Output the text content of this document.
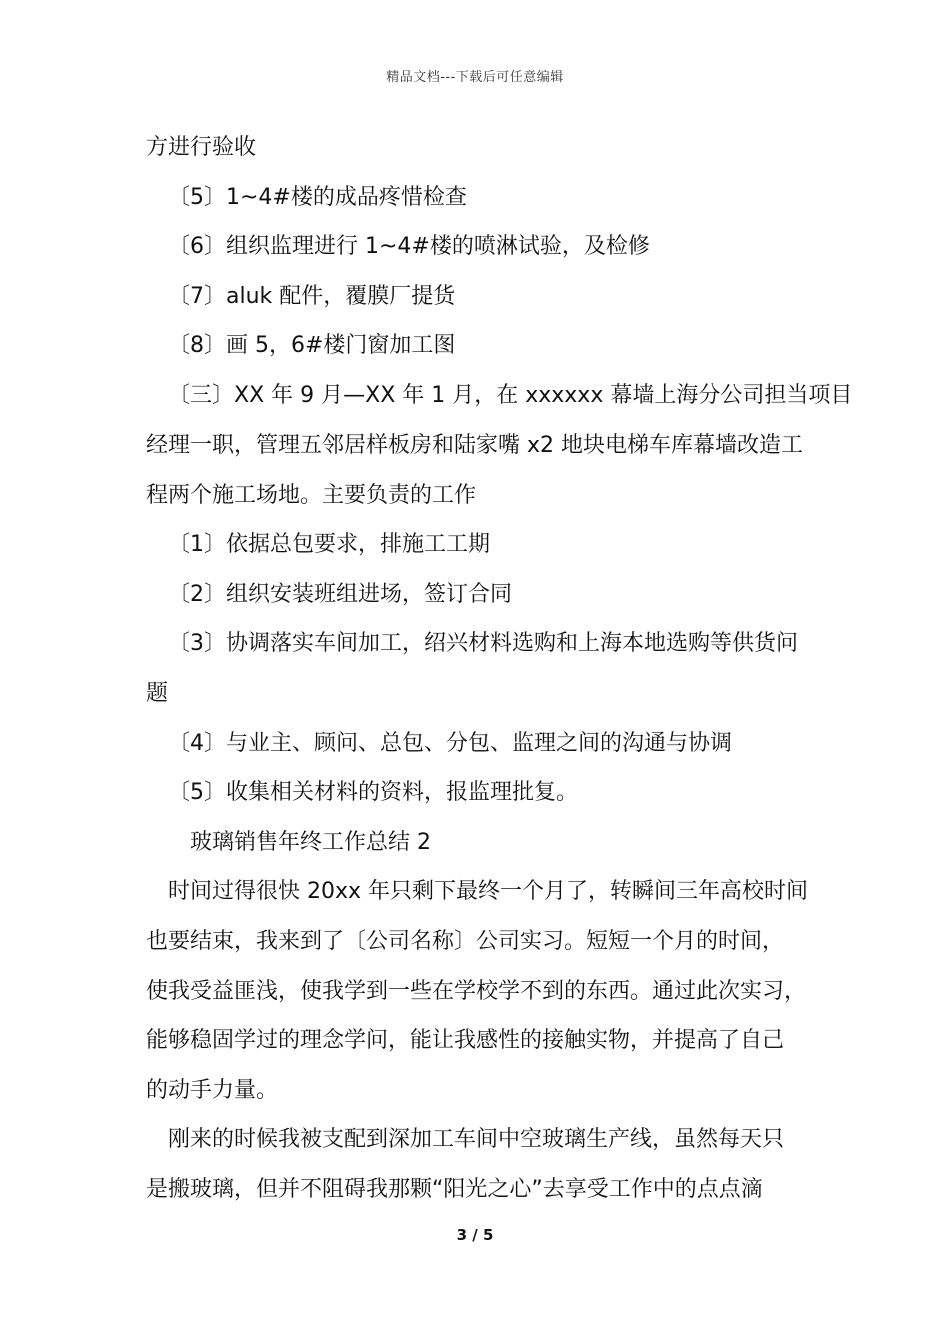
精品文档---下载后可任意编辑
方进行验收
〔5〕1~4#楼的成品疼惜检查
〔6〕组织监理进行 1~4#楼的喷淋试验，及检修
〔7〕aluk 配件，覆膜厂提货
〔8〕画 5，6#楼门窗加工图
〔三〕XX 年 9 月—XX 年 1 月，在 xxxxxx 幕墙上海分公司担当项目
经理一职，管理五邻居样板房和陆家嘴 x2 地块电梯车库幕墙改造工
程两个施工场地。主要负责的工作
〔1〕依据总包要求，排施工工期
〔2〕组织安装班组进场，签订合同
〔3〕协调落实车间加工，绍兴材料选购和上海本地选购等供货问
题
〔4〕与业主、顾问、总包、分包、监理之间的沟通与协调
〔5〕收集相关材料的资料，报监理批复。
玻璃销售年终工作总结 2
时间过得很快 20xx 年只剩下最终一个月了，转瞬间三年高校时间
也要结束，我来到了〔公司名称〕公司实习。短短一个月的时间，
使我受益匪浅，使我学到一些在学校学不到的东西。通过此次实习，
能够稳固学过的理念学问，能让我感性的接触实物，并提高了自己
的动手力量。
刚来的时候我被支配到深加工车间中空玻璃生产线，虽然每天只
是搬玻璃，但并不阻碍我那颗“阳光之心”去享受工作中的点点滴
3 / 5
